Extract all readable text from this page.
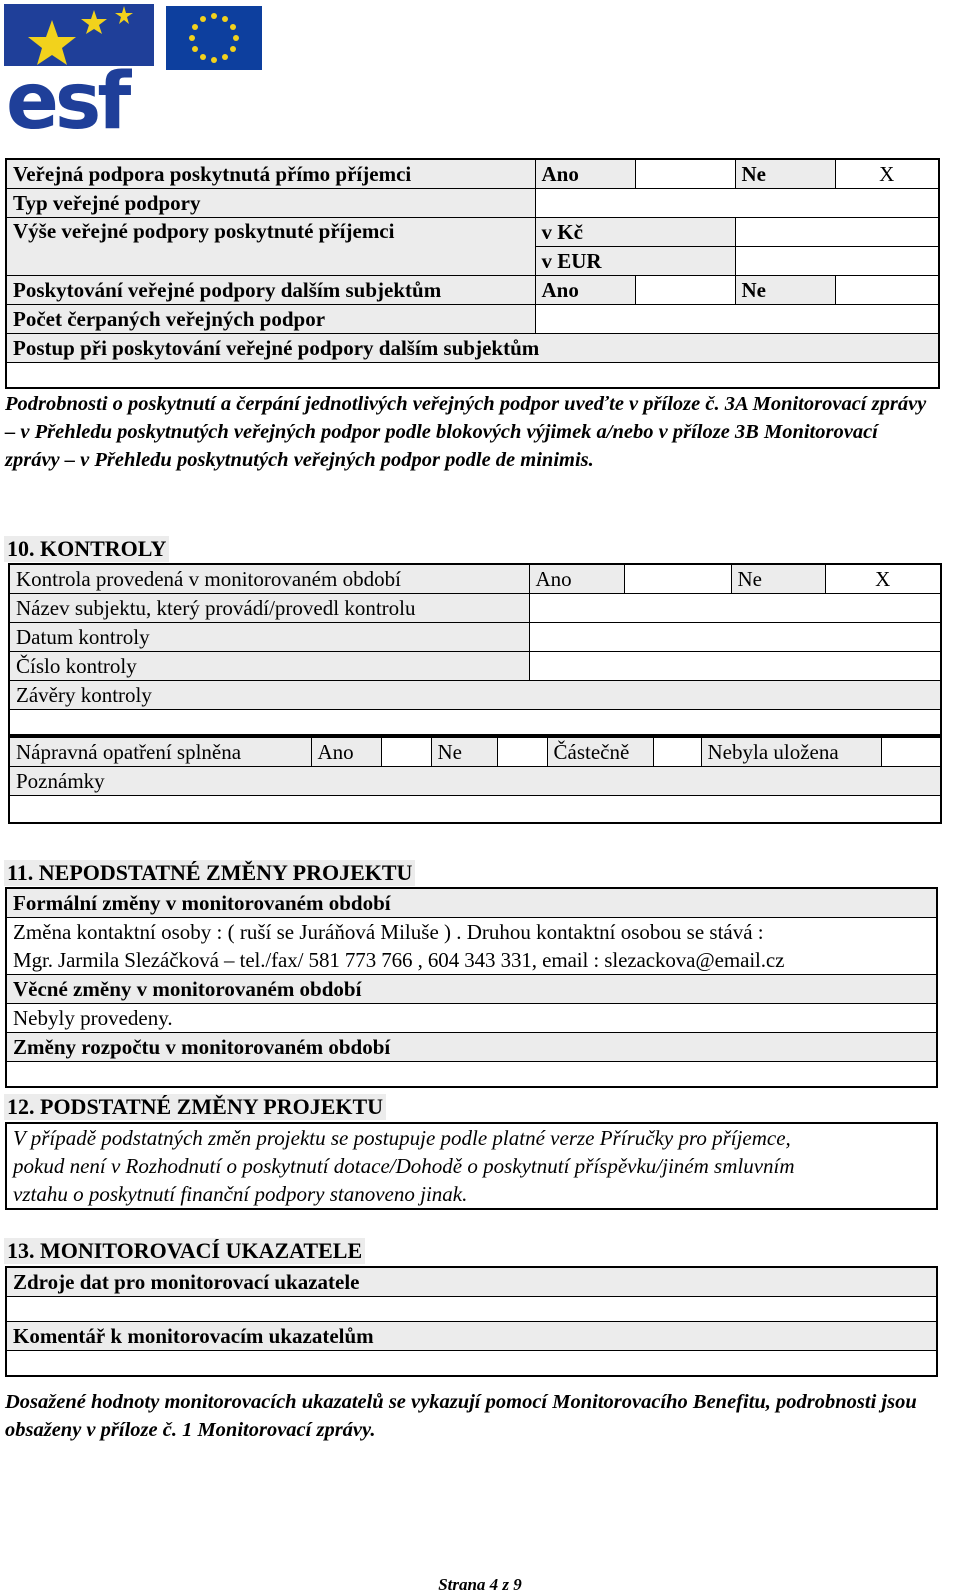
esf
Veřejná podpora poskytnutá přímo příjemci	Ano		Ne	X
Typ veřejné podpory				
Výše veřejné podpory poskytnuté příjemci	v Kč			
	v EUR			
Poskytování veřejné podpory dalším subjektům	Ano		Ne	
Počet čerpaných veřejných podpor				
Postup při poskytování veřejné podpory dalším subjektům				

Podrobnosti o poskytnutí a čerpání jednotlivých veřejných podpor uveďte v příloze č. 3A Monitorovací zprávy – v Přehledu poskytnutých veřejných podpor podle blokových výjimek a/nebo v příloze 3B Monitorovací zprávy – v Přehledu poskytnutých veřejných podpor podle de minimis.

10. KONTROLY
Kontrola provedená v monitorovaném období	Ano		Ne	X
Název subjektu, který provádí/provedl kontrolu				
Datum kontroly				
Číslo kontroly				
Závěry kontroly				

Nápravná opatření splněna	Ano		Ne		Částečně		Nebyla uložena	
Poznámky

11. NEPODSTATNÉ ZMĚNY PROJEKTU
Formální změny v monitorovaném období
Změna kontaktní osoby : ( ruší se Juráňová Miluše ) . Druhou kontaktní osobou se stává :
Mgr. Jarmila Slezáčková – tel./fax/ 581 773 766 , 604 343 331, email : slezackova@email.cz
Věcné změny v monitorovaném období
Nebyly provedeny.
Změny rozpočtu v monitorovaném období

12. PODSTATNÉ ZMĚNY PROJEKTU
V případě podstatných změn projektu se postupuje podle platné verze Příručky pro příjemce,
pokud není v Rozhodnutí o poskytnutí dotace/Dohodě o poskytnutí příspěvku/jiném smluvním
vztahu o poskytnutí finanční podpory stanoveno jinak.
13. MONITOROVACÍ UKAZATELE
Zdroje dat pro monitorovací ukazatele

Komentář k monitorovacím ukazatelům

Dosažené hodnoty monitorovacích ukazatelů se vykazují pomocí Monitorovacího Benefitu, podrobnosti jsou obsaženy v příloze č. 1 Monitorovací zprávy.

Strana 4 z 9
